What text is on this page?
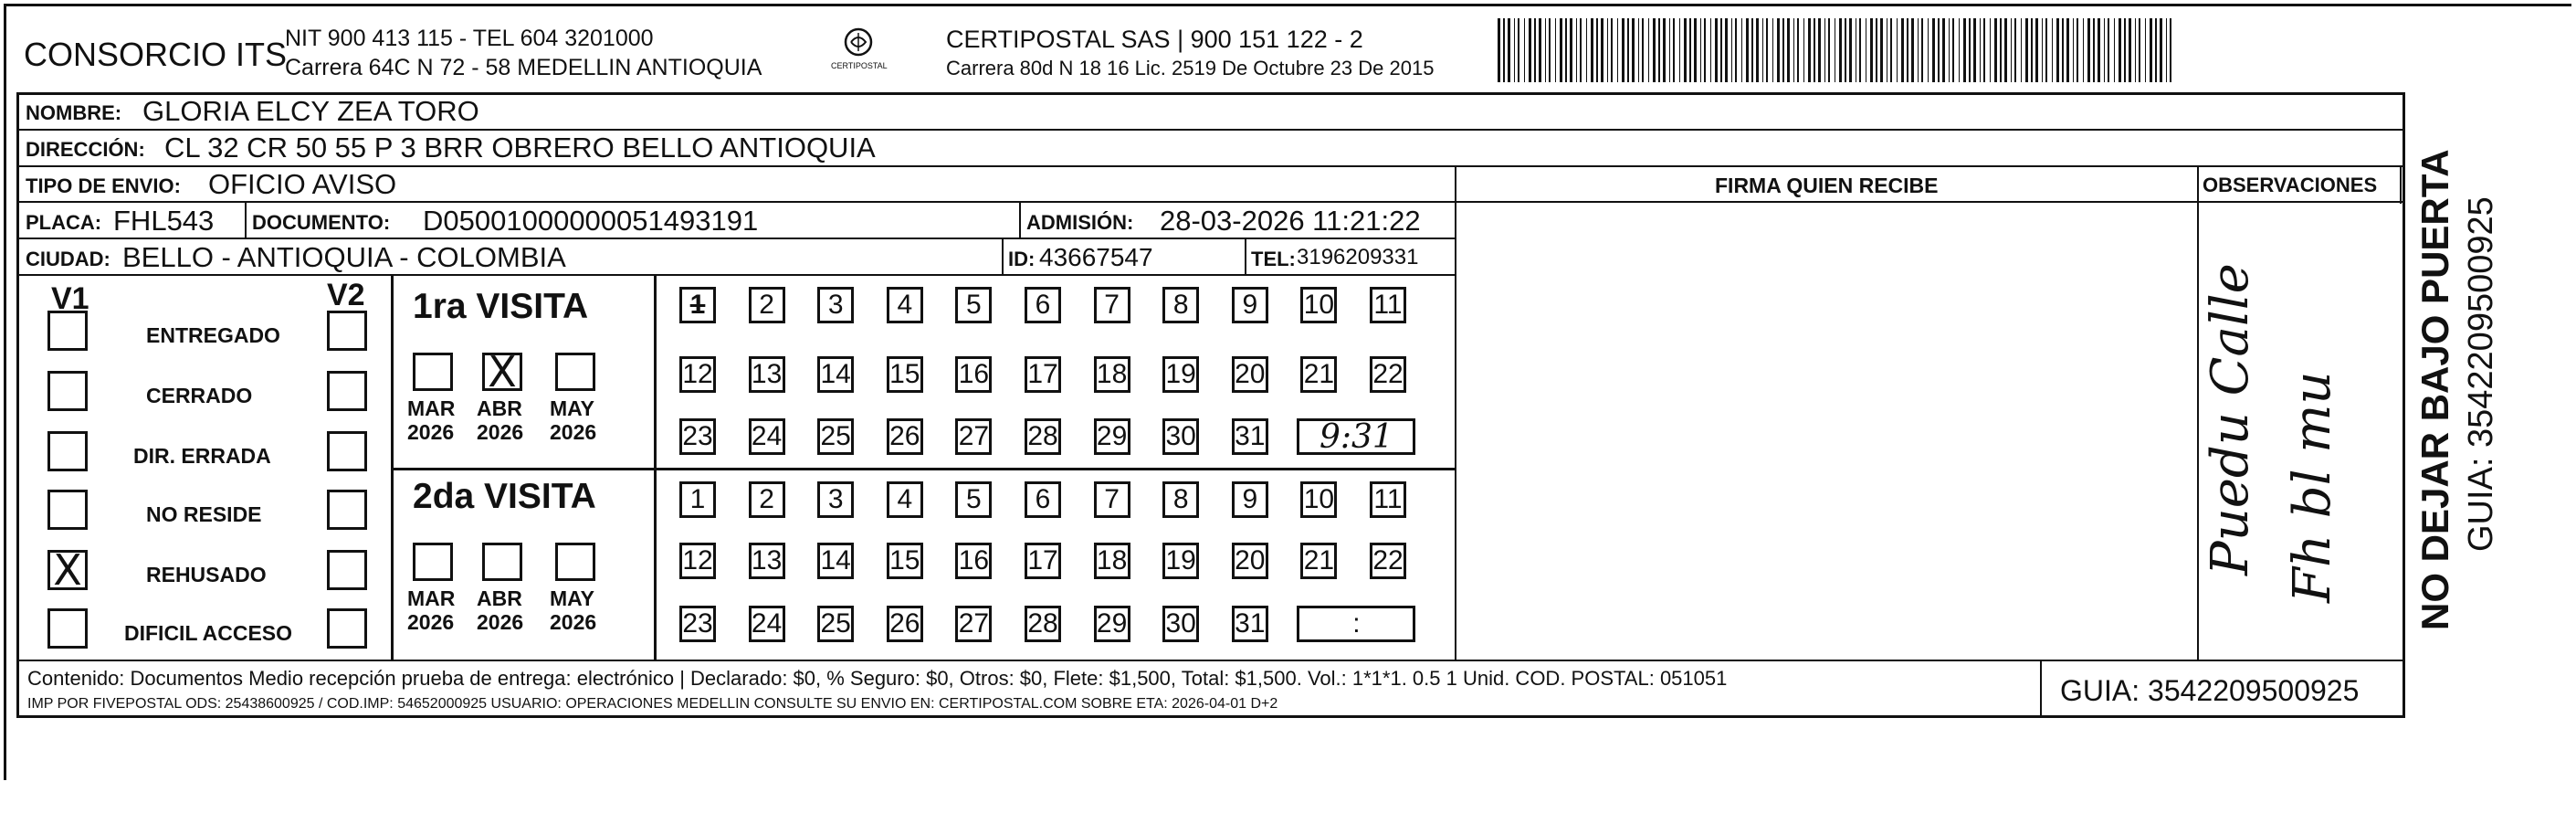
CONSORCIO ITS
NIT 900 413 115 - TEL 604 3201000
Carrera 64C N 72 - 58 MEDELLIN ANTIOQUIA	CERTIPOSTAL
CERTIPOSTAL SAS | 900 151 122 - 2
Carrera 80d N 18 16 Lic. 2519 De Octubre 23 De 2015
NOMBRE: GLORIA ELCY ZEA TORO
DIRECCIÓN: CL 32 CR 50 55 P 3 BRR OBRERO BELLO ANTIOQUIA
TIPO DE ENVIO: OFICIO AVISO	FIRMA QUIEN RECIBE	OBSERVACIONES
PLACA: FHL543 DOCUMENTO: D05001000000051493191	ADMISIÓN: 28-03-2026 11:21:22
CIUDAD: BELLO - ANTIOQUIA - COLOMBIA	ID: 43667547	TEL: 3196209331
V1	V2 1ra VISITA
2da VISITA	Puedu Calle Fh bl mu
Contenido: Documentos Medio recepción prueba de entrega: electrónico | Declarado: $0, % Seguro: $0, Otros: $0, Flete: $1,500, Total: $1,500. Vol.: 1*1*1. 0.5 1 Unid. COD. POSTAL: 051051
IMP POR FIVEPOSTAL ODS: 25438600925 / COD.IMP: 54652000925 USUARIO: OPERACIONES MEDELLIN CONSULTE SU ENVIO EN: CERTIPOSTAL.COM SOBRE ETA: 2026-04-01 D+2	GUIA: 3542209500925
NO DEJAR BAJO PUERTA GUIA: 3542209500925
ENTREGADO
CERRADO
DIR. ERRADA
NO RESIDE
X	REHUSADO
DIFICIL ACCESO
MAR
2026
X
ABR
2026
MAY
2026
MAR
2026
ABR
2026
MAY
2026
1 2 3 4 5 6 7 8 9 10 11
12 13 14 15 16 17 18 19 20 21 22
23 24 25 26 27 28 29 30 31 9:31
1 2 3 4 5 6 7 8 9 10 11
12 13 14 15 16 17 18 19 20 21 22
23 24 25 26 27 28 29 30 31	:
